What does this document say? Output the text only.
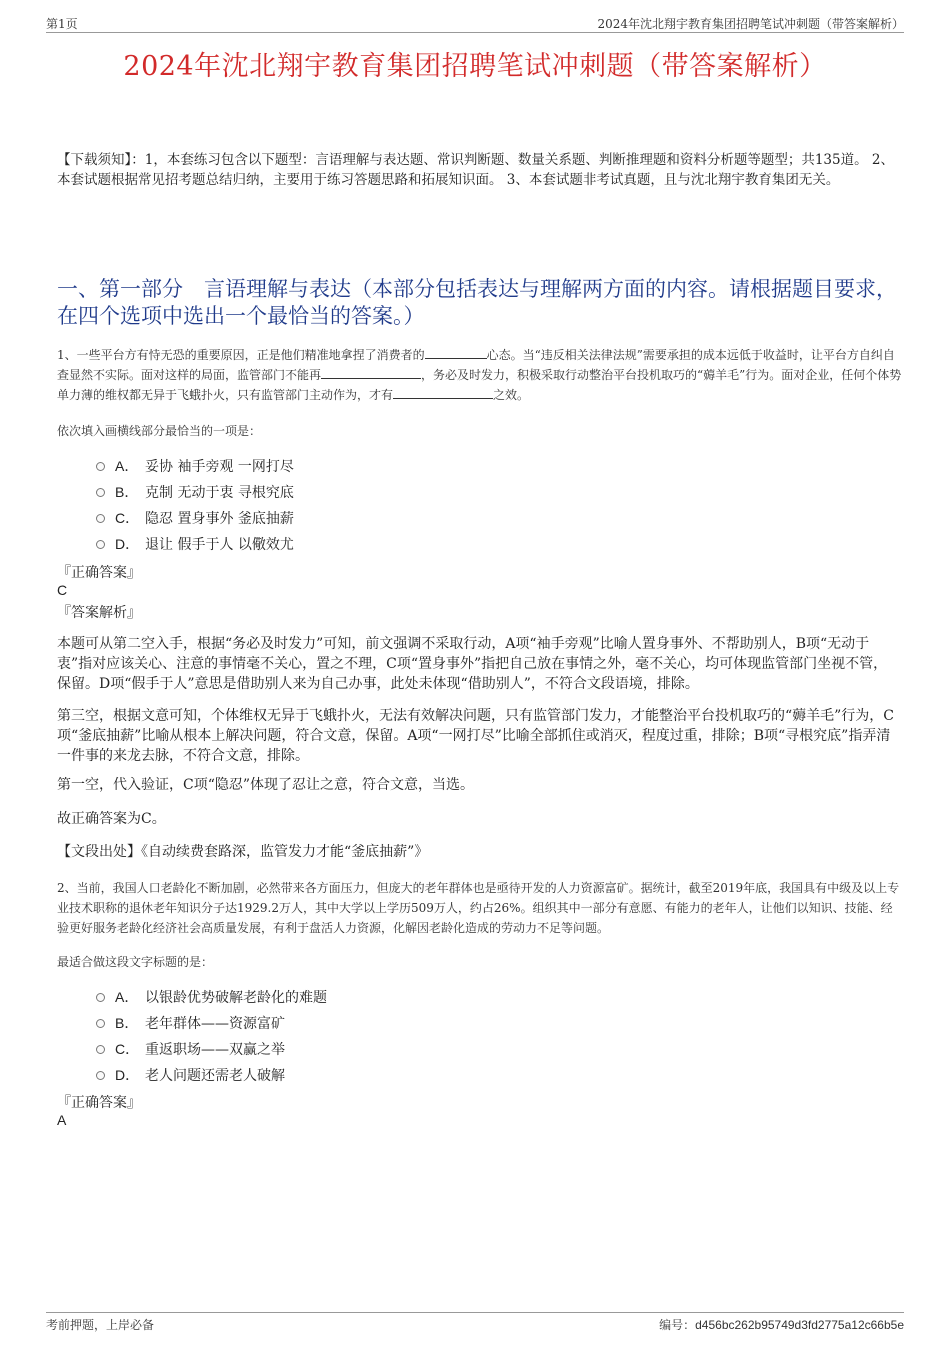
第1页	2024年沈北翔宇教育集团招聘笔试冲刺题（带答案解析）
2024年沈北翔宇教育集团招聘笔试冲刺题（带答案解析）
【下载须知】：1，本套练习包含以下题型：言语理解与表达题、常识判断题、数量关系题、判断推理题和资料分析题等题型；共135道。 2、本套试题根据常见招考题总结归纳，主要用于练习答题思路和拓展知识面。 3、本套试题非考试真题，且与沈北翔宇教育集团无关。
一、第一部分　言语理解与表达（本部分包括表达与理解两方面的内容。请根据题目要求，在四个选项中选出一个最恰当的答案。）
1、一些平台方有恃无恐的重要原因，正是他们精准地拿捏了消费者的	心态。当“违反相关法律法规”需要承担的成本远低于收益时，让平台方自纠自查显然不实际。面对这样的局面，监管部门不能再	，务必及时发力，积极采取行动整治平台投机取巧的“薅羊毛”行为。面对企业，任何个体势单力薄的维权都无异于飞蛾扑火，只有监管部门主动作为，才有	之效。
依次填入画横线部分最恰当的一项是：
A． 妥协 袖手旁观 一网打尽
B． 克制 无动于衷 寻根究底
C． 隐忍 置身事外 釜底抽薪
D． 退让 假手于人 以儆效尤
『正确答案』
C
『答案解析』
本题可从第二空入手，根据“务必及时发力”可知，前文强调不采取行动，A项“袖手旁观”比喻人置身事外、不帮助别人，B项“无动于衷”指对应该关心、注意的事情毫不关心，置之不理，C项“置身事外”指把自己放在事情之外，毫不关心，均可体现监管部门坐视不管，保留。D项“假手于人”意思是借助别人来为自己办事，此处未体现“借助别人”，不符合文段语境，排除。
第三空，根据文意可知，个体维权无异于飞蛾扑火，无法有效解决问题，只有监管部门发力，才能整治平台投机取巧的“薅羊毛”行为，C项“釜底抽薪”比喻从根本上解决问题，符合文意，保留。A项“一网打尽”比喻全部抓住或消灭，程度过重，排除；B项“寻根究底”指弄清一件事的来龙去脉，不符合文意，排除。
第一空，代入验证，C项“隐忍”体现了忍让之意，符合文意，当选。
故正确答案为C。
【文段出处】《自动续费套路深，监管发力才能“釜底抽薪”》
2、当前，我国人口老龄化不断加剧，必然带来各方面压力，但庞大的老年群体也是亟待开发的人力资源富矿。据统计，截至2019年底，我国具有中级及以上专业技术职称的退休老年知识分子达1929.2万人，其中大学以上学历509万人，约占26%。组织其中一部分有意愿、有能力的老年人，让他们以知识、技能、经验更好服务老龄化经济社会高质量发展，有利于盘活人力资源，化解因老龄化造成的劳动力不足等问题。
最适合做这段文字标题的是：
A． 以银龄优势破解老龄化的难题
B． 老年群体——资源富矿
C． 重返职场——双赢之举
D． 老人问题还需老人破解
『正确答案』
A
考前押题，上岸必备	编号：d456bc262b95749d3fd2775a12c66b5e
